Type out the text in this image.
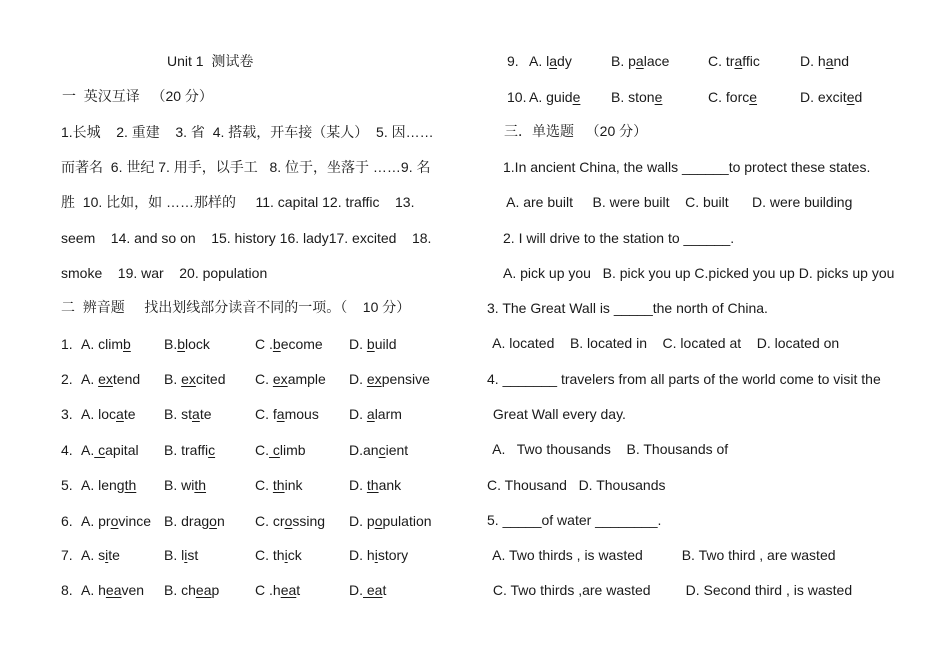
Unit 1  测试卷
一  英汉互译   （20 分）
1.长城    2. 重建    3. 省  4. 搭载，开车接（某人）  5. 因……
而著名  6. 世纪 7. 用手，以手工   8. 位于，坐落于 ……9. 名
胜  10. 比如，如 ……那样的     11. capital 12. traffic    13.
seem    14. and so on    15. history 16. lady17. excited    18.
smoke    19. war    20. population
二  辨音题     找出划线部分读音不同的一项。（    10 分）
1. A. climb B.block	C .become D. build
2. A. extend B. excited C. example D. expensive
3. A. locate B. state	C. famous D. alarm
4. A. capital B. traffic	C. climb	D.ancient
5. A. length B. with	C. think	D. thank
6. A. province B. dragon C. crossing D. population
7. A. site	B. list	C. thick	D. history
8. A. heaven B. cheap	C .heat	D. eat
9. A. lady	B. palace	C. traffic	D. hand
10. A. guide B. stone	C. force	D. excited
三．单选题   （20 分）
1.In ancient China, the walls ______to protect these states.
A. are built     B. were built    C. built      D. were building
2. I will drive to the station to ______.
A. pick up you   B. pick you up C.picked you up D. picks up you
3. The Great Wall is _____the north of China.
A. located    B. located in    C. located at    D. located on
4. _______ travelers from all parts of the world come to visit the
Great Wall every day.
A.   Two thousands    B. Thousands of
C. Thousand   D. Thousands
5. _____of water ________.
A. Two thirds , is wasted          B. Two third , are wasted
C. Two thirds ,are wasted         D. Second third , is wasted
